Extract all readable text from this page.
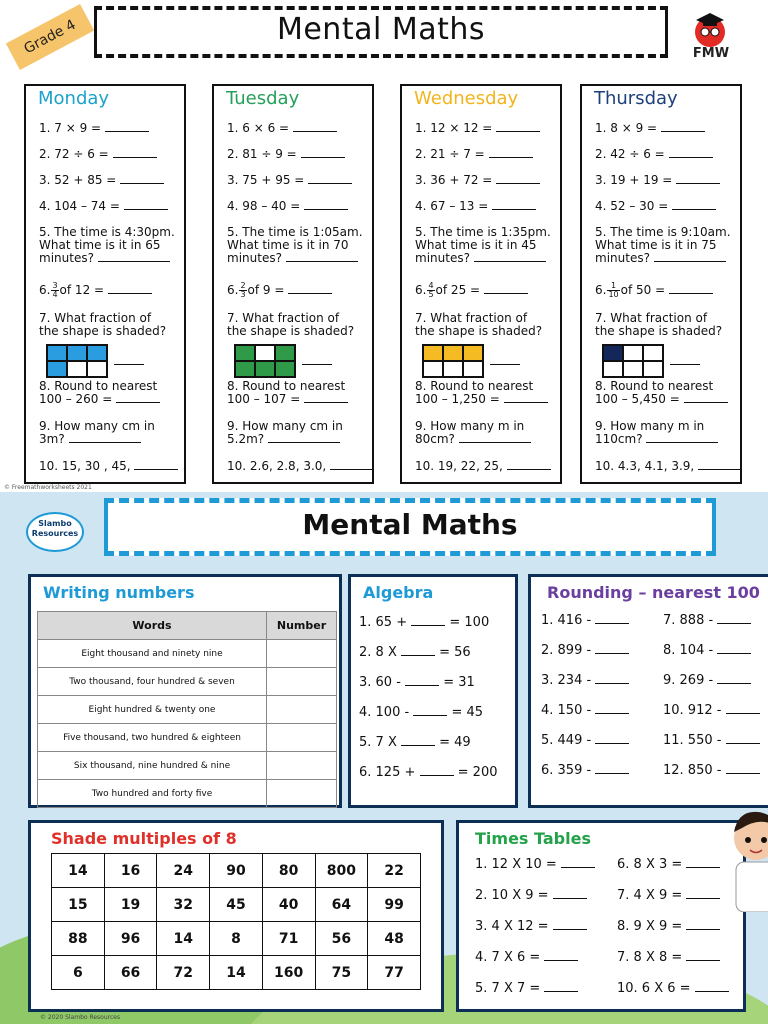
Grade 4	Mental Maths
FMW
Monday
1. 7 × 9 =
2. 72 ÷ 6 =
3. 52 + 85 =
4. 104 – 74 =
5. The time is 4:30pm.
What time is it in 65
minutes?
6. $\frac{3}{4}$ of 12 =
7. What fraction of
the shape is shaded?
8. Round to nearest
100 – 260 =
9. How many cm in
3m?
10. 15, 30 , 45,
Tuesday
1. 6 × 6 =
2. 81 ÷ 9 =
3. 75 + 95 =
4. 98 – 40 =
5. The time is 1:05am.
What time is it in 70
minutes?
6. $\frac{2}{3}$ of 9 =
7. What fraction of
the shape is shaded?
8. Round to nearest
100 – 107 =
9. How many cm in
5.2m?
10. 2.6, 2.8, 3.0,
Wednesday
1. 12 × 12 =
2. 21 ÷ 7 =
3. 36 + 72 =
4. 67 – 13 =
5. The time is 1:35pm.
What time is it in 45
minutes?
6. $\frac{4}{5}$ of 25 =
7. What fraction of
the shape is shaded?
8. Round to nearest
100 – 1,250 =
9. How many m in
80cm?
10. 19, 22, 25,
Thursday
1. 8 × 9 =
2. 42 ÷ 6 =
3. 19 + 19 =
4. 52 – 30 =
5. The time is 9:10am.
What time is it in 75
minutes?
6. $\frac{1}{10}$ of 50 =
7. What fraction of
the shape is shaded?
8. Round to nearest
100 – 5,450 =
9. How many m in
110cm?
10. 4.3, 4.1, 3.9,
© Freemathworksheets 2021
Slambo
Resources	Mental Maths
Writing numbers
Words	Number
Eight thousand and ninety nine	
Two thousand, four hundred & seven	
Eight hundred & twenty one	
Five thousand, two hundred & eighteen	
Six thousand, nine hundred & nine	
Two hundred and forty five	
Algebra
1. 65 +	= 100
2. 8 X	= 56
3. 60 -	= 31
4. 100 -	= 45
5. 7 X	= 49
6. 125 +	= 200
Rounding – nearest 100
1. 416 -
2. 899 -
3. 234 -
4. 150 -
5. 449 -
6. 359 -
7. 888 -
8. 104 -
9. 269 -
10. 912 -
11. 550 -
12. 850 -
Shade multiples of 8
14	16	24	90	80	800	22
15	19	32	45	40	64	99
88	96	14	8	71	56	48
6	66	72	14	160	75	77
Times Tables
1. 12 X 10 =
2. 10 X 9 =
3. 4 X 12 =
4. 7 X 6 =
5. 7 X 7 =
6. 8 X 3 =
7. 4 X 9 =
8. 9 X 9 =
7. 8 X 8 =
10. 6 X 6 =
© 2020 Slambo Resources
